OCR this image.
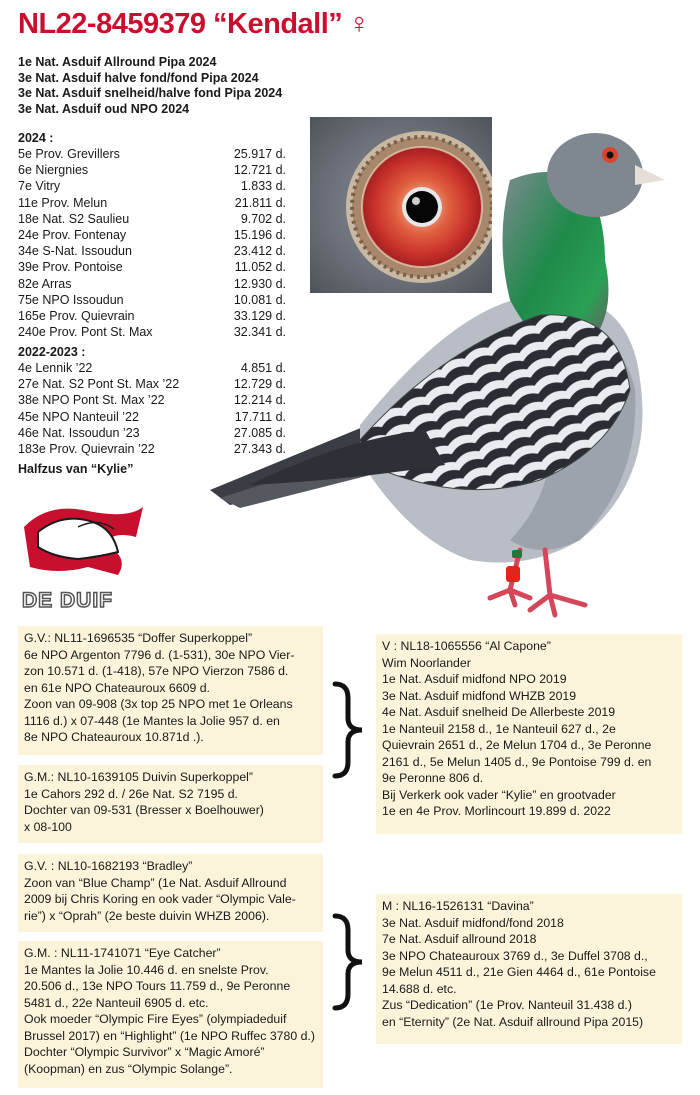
NL22-8459379 “Kendall” ♀
1e Nat. Asduif Allround Pipa 2024
3e Nat. Asduif halve fond/fond Pipa 2024
3e Nat. Asduif snelheid/halve fond Pipa 2024
3e Nat. Asduif oud NPO 2024
2024 :
5e Prov. Grevillers	25.917 d.
6e Niergnies	12.721 d.
7e Vitry	1.833 d.
11e Prov. Melun	21.811 d.
18e Nat. S2 Saulieu	9.702 d.
24e Prov. Fontenay	15.196 d.
34e S-Nat. Issoudun	23.412 d.
39e Prov. Pontoise	11.052 d.
82e Arras	12.930 d.
75e NPO Issoudun	10.081 d.
165e Prov. Quievrain	33.129 d.
240e Prov. Pont St. Max	32.341 d.
2022-2023 :
4e Lennik ’22	4.851 d.
27e Nat. S2 Pont St. Max ’22	12.729 d.
38e NPO Pont St. Max ’22	12.214 d.
45e NPO Nanteuil ’22	17.711 d.
46e Nat. Issoudun ’23	27.085 d.
183e Prov. Quievrain ’22	27.343 d.
Halfzus van “Kylie”
DE DUIF
G.V.: NL11-1696535 “Doffer Superkoppel”
6e NPO Argenton 7796 d. (1-531), 30e NPO Vier-
zon 10.571 d. (1-418), 57e NPO Vierzon 7586 d.
en 61e NPO Chateauroux 6609 d.
Zoon van 09-908 (3x top 25 NPO met 1e Orleans
1116 d.) x 07-448 (1e Mantes la Jolie 957 d. en
8e NPO Chateauroux 10.871d .).
G.M.: NL10-1639105 Duivin Superkoppel”
1e Cahors 292 d. / 26e Nat. S2 7195 d.
Dochter van 09-531 (Bresser x Boelhouwer)
x 08-100
V : NL18-1065556 “Al Capone”
Wim Noorlander
1e Nat. Asduif midfond NPO 2019
3e Nat. Asduif midfond WHZB 2019
4e Nat. Asduif snelheid De Allerbeste 2019
1e Nanteuil 2158 d., 1e Nanteuil 627 d., 2e
Quievrain 2651 d., 2e Melun 1704 d., 3e Peronne
2161 d., 5e Melun 1405 d., 9e Pontoise 799 d. en
9e Peronne 806 d.
Bij Verkerk ook vader “Kylie” en grootvader
1e en 4e Prov. Morlincourt 19.899 d. 2022
G.V. : NL10-1682193 “Bradley”
Zoon van “Blue Champ” (1e Nat. Asduif Allround
2009 bij Chris Koring en ook vader “Olympic Vale-
rie”) x “Oprah” (2e beste duivin WHZB 2006).
G.M. : NL11-1741071 “Eye Catcher”
1e Mantes la Jolie 10.446 d. en snelste Prov.
20.506 d., 13e NPO Tours 11.759 d., 9e Peronne
5481 d., 22e Nanteuil 6905 d. etc.
Ook moeder “Olympic Fire Eyes” (olympiadeduif
Brussel 2017) en “Highlight” (1e NPO Ruffec 3780 d.)
Dochter “Olympic Survivor” x “Magic Amoré”
(Koopman) en zus “Olympic Solange”.
M : NL16-1526131 “Davina”
3e Nat. Asduif midfond/fond 2018
7e Nat. Asduif allround 2018
3e NPO Chateauroux 3769 d., 3e Duffel 3708 d.,
9e Melun 4511 d., 21e Gien 4464 d., 61e Pontoise
14.688 d. etc.
Zus “Dedication” (1e Prov. Nanteuil 31.438 d.)
en “Eternity” (2e Nat. Asduif allround Pipa 2015)
